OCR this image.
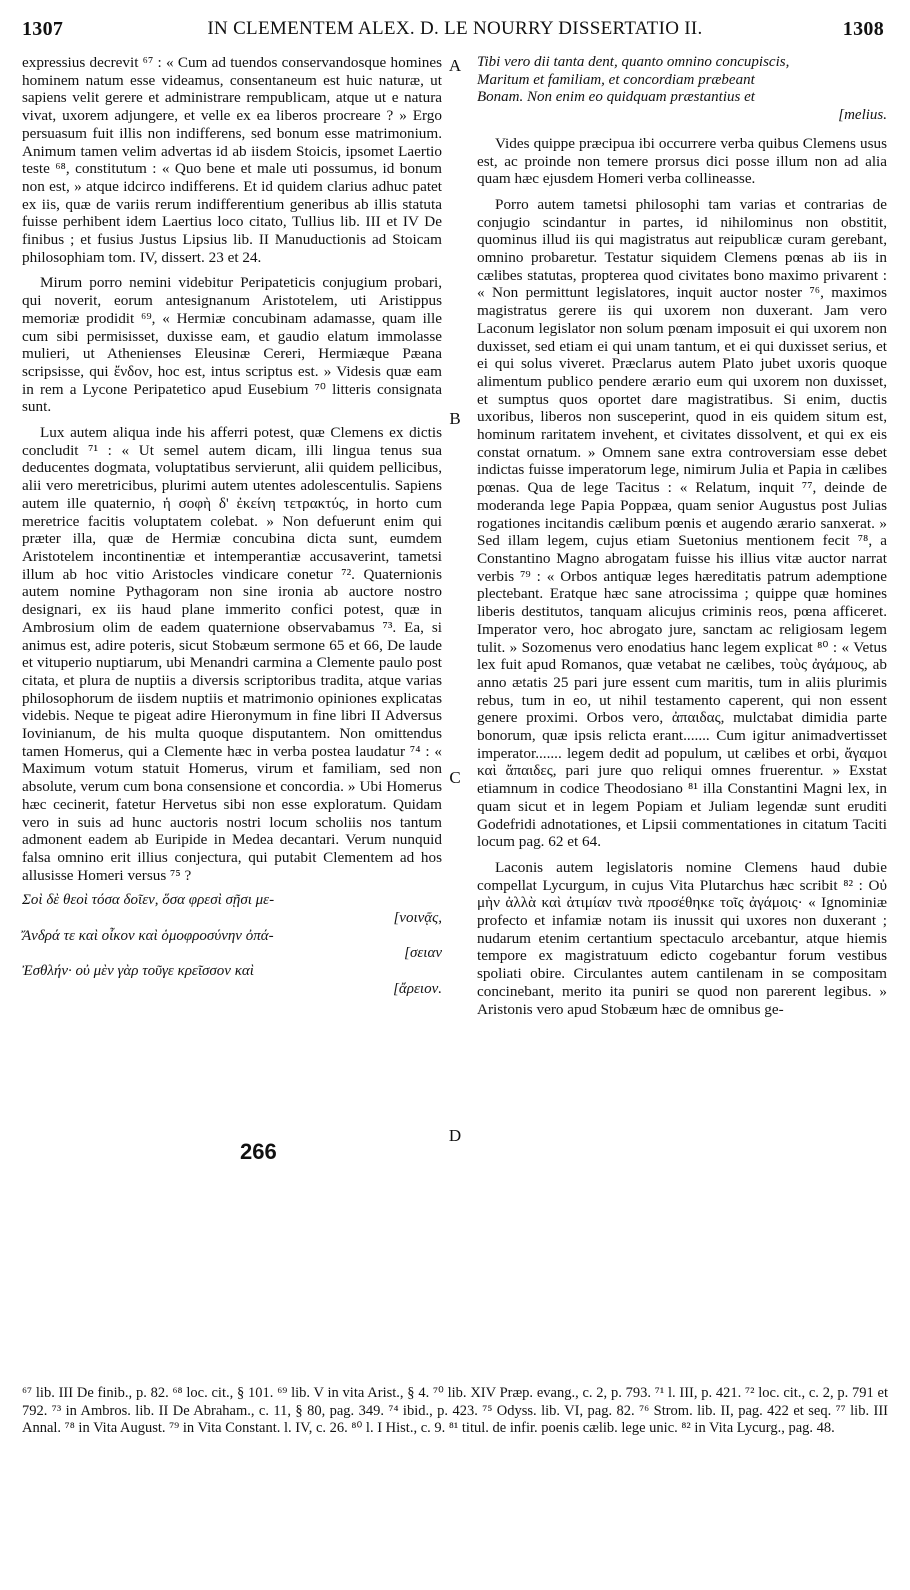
1307	IN CLEMENTEM ALEX. D. LE NOURRY DISSERTATIO II.	1308

expressius decrevit ⁶⁷ : « Cum ad tuendos conservandosque homines hominem natum esse videamus, consentaneum est huic naturæ, ut sapiens velit gerere et administrare rempublicam, atque ut e natura vivat, uxorem adjungere, et velle ex ea liberos procreare ? » Ergo persuasum fuit illis non indifferens, sed bonum esse matrimonium. Animum tamen velim advertas id ab iisdem Stoicis, ipsomet Laertio teste ⁶⁸, constitutum : « Quo bene et male uti possumus, id bonum non est, » atque idcirco indifferens. Et id quidem clarius adhuc patet ex iis, quæ de variis rerum indifferentium generibus ab illis statuta fuisse perhibent idem Laertius loco citato, Tullius lib. III et IV De finibus ; et fusius Justus Lipsius lib. II Manuductionis ad Stoicam philosophiam tom. IV, dissert. 23 et 24.

Mirum porro nemini videbitur Peripateticis conjugium probari, qui noverit, eorum antesignanum Aristotelem, uti Aristippus memoriæ prodidit ⁶⁹, « Hermiæ concubinam adamasse, quam ille cum sibi permisisset, duxisse eam, et gaudio elatum immolasse mulieri, ut Athenienses Eleusinæ Cereri, Hermiæque Pæana scripsisse, qui ἔνδον, hoc est, intus scriptus est. » Videsis quæ eam in rem a Lycone Peripatetico apud Eusebium ⁷⁰ litteris consignata sunt.

Lux autem aliqua inde his afferri potest, quæ Clemens ex dictis concludit ⁷¹ : « Ut semel autem dicam, illi lingua tenus sua deducentes dogmata, voluptatibus servierunt, alii quidem pellicibus, alii vero meretricibus, plurimi autem utentes adolescentulis. Sapiens autem ille quaternio, ἡ σοφὴ δ' ἐκείνη τετρακτύς, in horto cum meretrice facitis voluptatem colebat. » Non defuerunt enim qui præter illa, quæ de Hermiæ concubina dicta sunt, eumdem Aristotelem incontinentiæ et intemperantiæ accusaverint, tametsi illum ab hoc vitio Aristocles vindicare conetur ⁷². Quaternionis autem nomine Pythagoram non sine ironia ab auctore nostro designari, ex iis haud plane immerito confici potest, quæ in Ambrosium olim de eadem quaternione observabamus ⁷³. Ea, si animus est, adire poteris, sicut Stobæum sermone 65 et 66, De laude et vituperio nuptiarum, ubi Menandri carmina a Clemente paulo post citata, et plura de nuptiis a diversis scriptoribus tradita, atque varias philosophorum de iisdem nuptiis et matrimonio opiniones explicatas videbis. Neque te pigeat adire Hieronymum in fine libri II Adversus Iovinianum, de his multa quoque disputantem. Non omittendus tamen Homerus, qui a Clemente hæc in verba postea laudatur ⁷⁴ : « Maximum votum statuit Homerus, virum et familiam, sed non absolute, verum cum bona consensione et concordia. » Ubi Homerus hæc cecinerit, fatetur Hervetus sibi non esse exploratum. Quidam vero in suis ad hunc auctoris nostri locum scholiis nos tantum admonent eadem ab Euripide in Medea decantari. Verum nunquid falsa omnino erit illius conjectura, qui putabit Clementem ad hos allusisse Homeri versus ⁷⁵ ?

Σοὶ δὲ θεοὶ τόσα δοῖεν, ὅσα φρεσὶ σῇσι με-
[νοινᾷς,
Ἄνδρά τε καὶ οἶκον καὶ ὁμοφροσύνην ὀπά-
[σειαν
Ἐσθλήν· οὐ μὲν γὰρ τοῦγε κρεῖσσον καὶ
[ἄρειον.
A
B
C
D
Tibi vero dii tanta dent, quanto omnino concupiscis,
Maritum et familiam, et concordiam præbeant
Bonam. Non enim eo quidquam præstantius et
[melius.

Vides quippe præcipua ibi occurrere verba quibus Clemens usus est, ac proinde non temere prorsus dici posse illum non ad alia quam hæc ejusdem Homeri verba collineasse.

Porro autem tametsi philosophi tam varias et contrarias de conjugio scindantur in partes, id nihilominus non obstitit, quominus illud iis qui magistratus aut reipublicæ curam gerebant, omnino probaretur. Testatur siquidem Clemens pœnas ab iis in cælibes statutas, propterea quod civitates bono maximo privarent : « Non permittunt legislatores, inquit auctor noster ⁷⁶, maximos magistratus gerere iis qui uxorem non duxerant. Jam vero Laconum legislator non solum pœnam imposuit ei qui uxorem non duxisset, sed etiam ei qui unam tantum, et ei qui duxisset serius, et ei qui solus viveret. Præclarus autem Plato jubet uxoris quoque alimentum publico pendere ærario eum qui uxorem non duxisset, et sumptus quos oportet dare magistratibus. Si enim, ductis uxoribus, liberos non susceperint, quod in eis quidem situm est, hominum raritatem invehent, et civitates dissolvent, et qui ex eis constat ornatum. » Omnem sane extra controversiam esse debet indictas fuisse imperatorum lege, nimirum Julia et Papia in cælibes pœnas. Qua de lege Tacitus : « Relatum, inquit ⁷⁷, deinde de moderanda lege Papia Poppæa, quam senior Augustus post Julias rogationes incitandis cælibum pœnis et augendo ærario sanxerat. » Sed illam legem, cujus etiam Suetonius mentionem fecit ⁷⁸, a Constantino Magno abrogatam fuisse his illius vitæ auctor narrat verbis ⁷⁹ : « Orbos antiquæ leges hæreditatis patrum ademptione plectebant. Eratque hæc sane atrocissima ; quippe quæ homines liberis destitutos, tanquam alicujus criminis reos, pœna afficeret. Imperator vero, hoc abrogato jure, sanctam ac religiosam legem tulit. » Sozomenus vero enodatius hanc legem explicat ⁸⁰ : « Vetus lex fuit apud Romanos, quæ vetabat ne cælibes, τοὺς ἀγάμους, ab anno ætatis 25 pari jure essent cum maritis, tum in aliis plurimis rebus, tum in eo, ut nihil testamento caperent, qui non essent genere proximi. Orbos vero, ἀπαιδας, mulctabat dimidia parte bonorum, quæ ipsis relicta erant....... Cum igitur animadvertisset imperator....... legem dedit ad populum, ut cælibes et orbi, ἄγαμοι καὶ ἄπαιδες, pari jure quo reliqui omnes fruerentur. » Exstat etiamnum in codice Theodosiano ⁸¹ illa Constantini Magni lex, in quam sicut et in legem Popiam et Juliam legendæ sunt eruditi Godefridi adnotationes, et Lipsii commentationes in citatum Taciti locum pag. 62 et 64.

Laconis autem legislatoris nomine Clemens haud dubie compellat Lycurgum, in cujus Vita Plutarchus hæc scribit ⁸² : Οὐ μὴν ἀλλὰ καὶ ἀτιμίαν τινὰ προσέθηκε τοῖς ἀγάμοις· « Ignominiæ profecto et infamiæ notam iis inussit qui uxores non duxerant ; nudarum etenim certantium spectaculo arcebantur, atque hiemis tempore ex magistratuum edicto cogebantur forum vestibus spoliati obire. Circulantes autem cantilenam in se compositam concinebant, merito ita puniri se quod non parerent legibus. » Aristonis vero apud Stobæum hæc de omnibus ge-

266
⁶⁷ lib. III De finib., p. 82. ⁶⁸ loc. cit., § 101. ⁶⁹ lib. V in vita Arist., § 4. ⁷⁰ lib. XIV Præp. evang., c. 2, p. 793. ⁷¹ l. III, p. 421. ⁷² loc. cit., c. 2, p. 791 et 792. ⁷³ in Ambros. lib. II De Abraham., c. 11, § 80, pag. 349. ⁷⁴ ibid., p. 423. ⁷⁵ Odyss. lib. VI, pag. 82. ⁷⁶ Strom. lib. II, pag. 422 et seq. ⁷⁷ lib. III Annal. ⁷⁸ in Vita August. ⁷⁹ in Vita Constant. l. IV, c. 26. ⁸⁰ l. I Hist., c. 9. ⁸¹ titul. de infir. poenis cælib. lege unic. ⁸² in Vita Lycurg., pag. 48.
